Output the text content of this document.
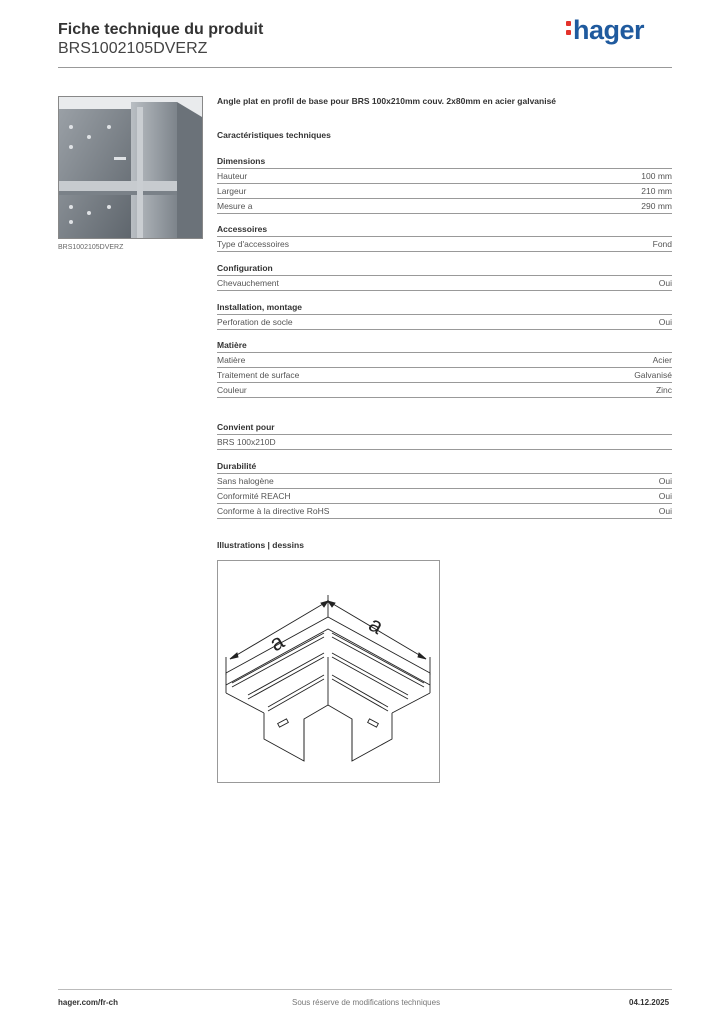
Fiche technique du produit
BRS1002105DVERZ
hager
BRS1002105DVERZ
Angle plat en profil de base pour BRS 100x210mm couv. 2x80mm en acier galvanisé
Caractéristiques techniques
Dimensions
Hauteur	100 mm
Largeur	210 mm
Mesure a	290 mm
Accessoires
Type d'accessoires	Fond
Configuration
Chevauchement	Oui
Installation, montage
Perforation de socle	Oui
Matière
Matière	Acier
Traitement de surface	Galvanisé
Couleur	Zinc
Convient pour
BRS 100x210D
Durabilité
Sans halogène	Oui
Conformité REACH	Oui
Conforme à la directive RoHS	Oui
Illustrations | dessins
a
a
hager.com/fr-ch	Sous réserve de modifications techniques	04.12.2025
